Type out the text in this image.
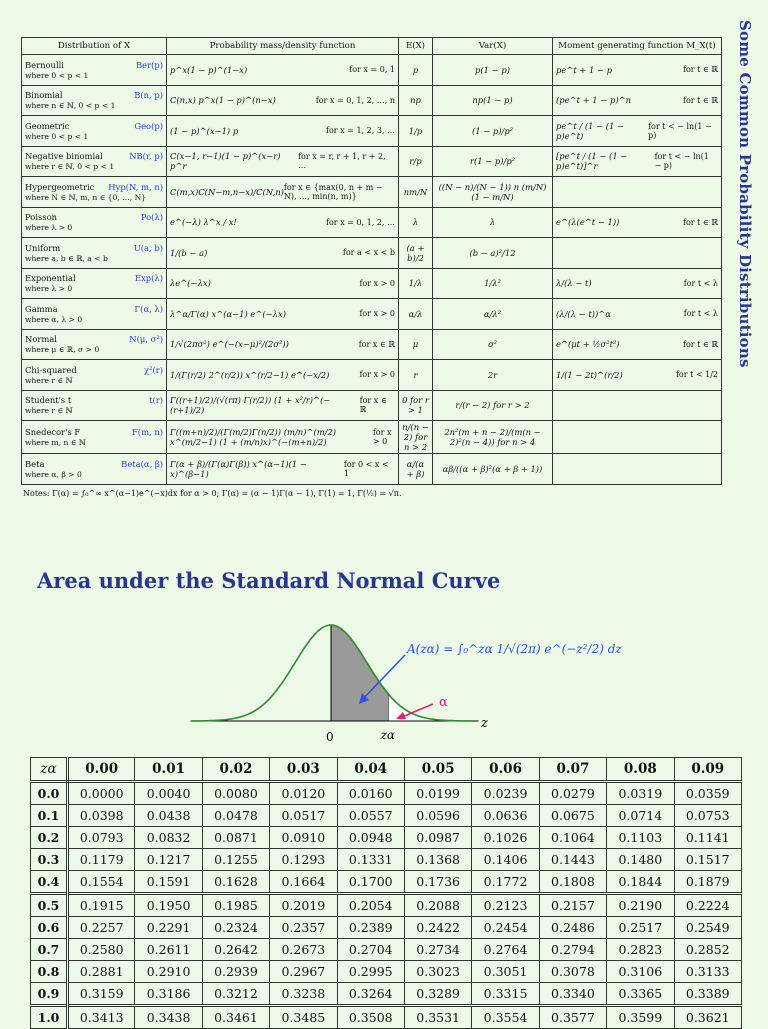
Some Common Probability Distributions
Distribution of X	Probability mass/density function	E(X)	Var(X)	Moment generating function M_X(t)

Bernoulli Ber(p)
where 0 < p < 1	p^x(1 − p)^(1−x) for x = 0, 1	p	p(1 − p)	pe^t + 1 − p for t ∈ ℝ

Binomial B(n, p)
where n ∈ ℕ, 0 < p < 1	C(n,x) p^x(1 − p)^(n−x) for x = 0, 1, 2, …, n	np	np(1 − p)	(pe^t + 1 − p)^n for t ∈ ℝ

Geometric Geo(p)
where 0 < p < 1	(1 − p)^(x−1) p for x = 1, 2, 3, …	1/p	(1 − p)/p²	pe^t / (1 − (1 − p)e^t)
for t < − ln(1 − p)

Negative binomial NB(r, p)
where r ∈ ℕ, 0 < p < 1	C(x−1, r−1)(1 − p)^(x−r) p^r
for x = r, r + 1, r + 2, …	r/p	r(1 − p)/p²	[pe^t / (1 − (1 − p)e^t)]^r
for t < − ln(1 − p)

Hypergeometric Hyp(N, m, n)
where N ∈ ℕ, m, n ∈ {0, …, N}	C(m,x)C(N−m,n−x)/C(N,n) for x ∈ {max(0, n + m − N), …, min(n, m)}	nm/N	((N − n)/(N − 1)) n (m/N)(1 − m/N)	

Poisson Po(λ)
where λ > 0	e^(−λ) λ^x / x! for x = 0, 1, 2, …	λ	λ	e^(λ(e^t − 1)) for t ∈ ℝ

Uniform U(a, b)
where a, b ∈ ℝ, a < b	1/(b − a) for a < x < b	(a + b)/2	(b − a)²/12	

Exponential Exp(λ)
where λ > 0	λe^(−λx) for x > 0	1/λ	1/λ²	λ/(λ − t) for t < λ

Gamma Γ(α, λ)
where α, λ > 0	λ^α/Γ(α) x^(α−1) e^(−λx) for x > 0	α/λ	α/λ²	(λ/(λ − t))^α for t < λ

Normal N(μ, σ²)
where μ ∈ ℝ, σ > 0	1/√(2πσ²) e^(−(x−μ)²/(2σ²)) for x ∈ ℝ	μ	σ²	e^(μt + ½σ²t²) for t ∈ ℝ

Chi-squared χ²(r)
where r ∈ ℕ	1/(Γ(r/2) 2^(r/2)) x^(r/2−1) e^(−x/2) for x > 0	r	2r	1/(1 − 2t)^(r/2) for t < 1/2

Student's t t(r)
where r ∈ ℕ	Γ((r+1)/2)/(√(rπ) Γ(r/2)) (1 + x²/r)^(−(r+1)/2)
for x ∈ ℝ	0 for r > 1	r/(r − 2) for r > 2	

Snedecor's F F(m, n)
where m, n ∈ ℕ	Γ((m+n)/2)/(Γ(m/2)Γ(n/2)) (m/n)^(m/2) x^(m/2−1) (1 + (m/n)x)^(−(m+n)/2)
for x > 0	n/(n − 2) for n > 2	2n²(m + n − 2)/(m(n − 2)²(n − 4)) for n > 4	

Beta Beta(α, β)
where α, β > 0	Γ(α + β)/(Γ(α)Γ(β)) x^(α−1)(1 − x)^(β−1)
for 0 < x < 1	α/(α + β)	αβ/((α + β)²(α + β + 1))	
Notes: Γ(α) = ∫₀^∞ x^(α−1)e^(−x)dx for α > 0; Γ(α) = (α − 1)Γ(α − 1), Γ(1) = 1, Γ(½) = √π.
Area under the Standard Normal Curve
A(zα) = ∫₀^zα 1/√(2π) e^(−z²/2) dz
α
z
0	zα
zα	0.00	0.01	0.02	0.03	0.04	0.05	0.06	0.07	0.08	0.09
0.0	0.0000	0.0040	0.0080	0.0120	0.0160	0.0199	0.0239	0.0279	0.0319	0.0359
0.1	0.0398	0.0438	0.0478	0.0517	0.0557	0.0596	0.0636	0.0675	0.0714	0.0753
0.2	0.0793	0.0832	0.0871	0.0910	0.0948	0.0987	0.1026	0.1064	0.1103	0.1141
0.3	0.1179	0.1217	0.1255	0.1293	0.1331	0.1368	0.1406	0.1443	0.1480	0.1517
0.4	0.1554	0.1591	0.1628	0.1664	0.1700	0.1736	0.1772	0.1808	0.1844	0.1879
0.5	0.1915	0.1950	0.1985	0.2019	0.2054	0.2088	0.2123	0.2157	0.2190	0.2224
0.6	0.2257	0.2291	0.2324	0.2357	0.2389	0.2422	0.2454	0.2486	0.2517	0.2549
0.7	0.2580	0.2611	0.2642	0.2673	0.2704	0.2734	0.2764	0.2794	0.2823	0.2852
0.8	0.2881	0.2910	0.2939	0.2967	0.2995	0.3023	0.3051	0.3078	0.3106	0.3133
0.9	0.3159	0.3186	0.3212	0.3238	0.3264	0.3289	0.3315	0.3340	0.3365	0.3389
1.0	0.3413	0.3438	0.3461	0.3485	0.3508	0.3531	0.3554	0.3577	0.3599	0.3621
